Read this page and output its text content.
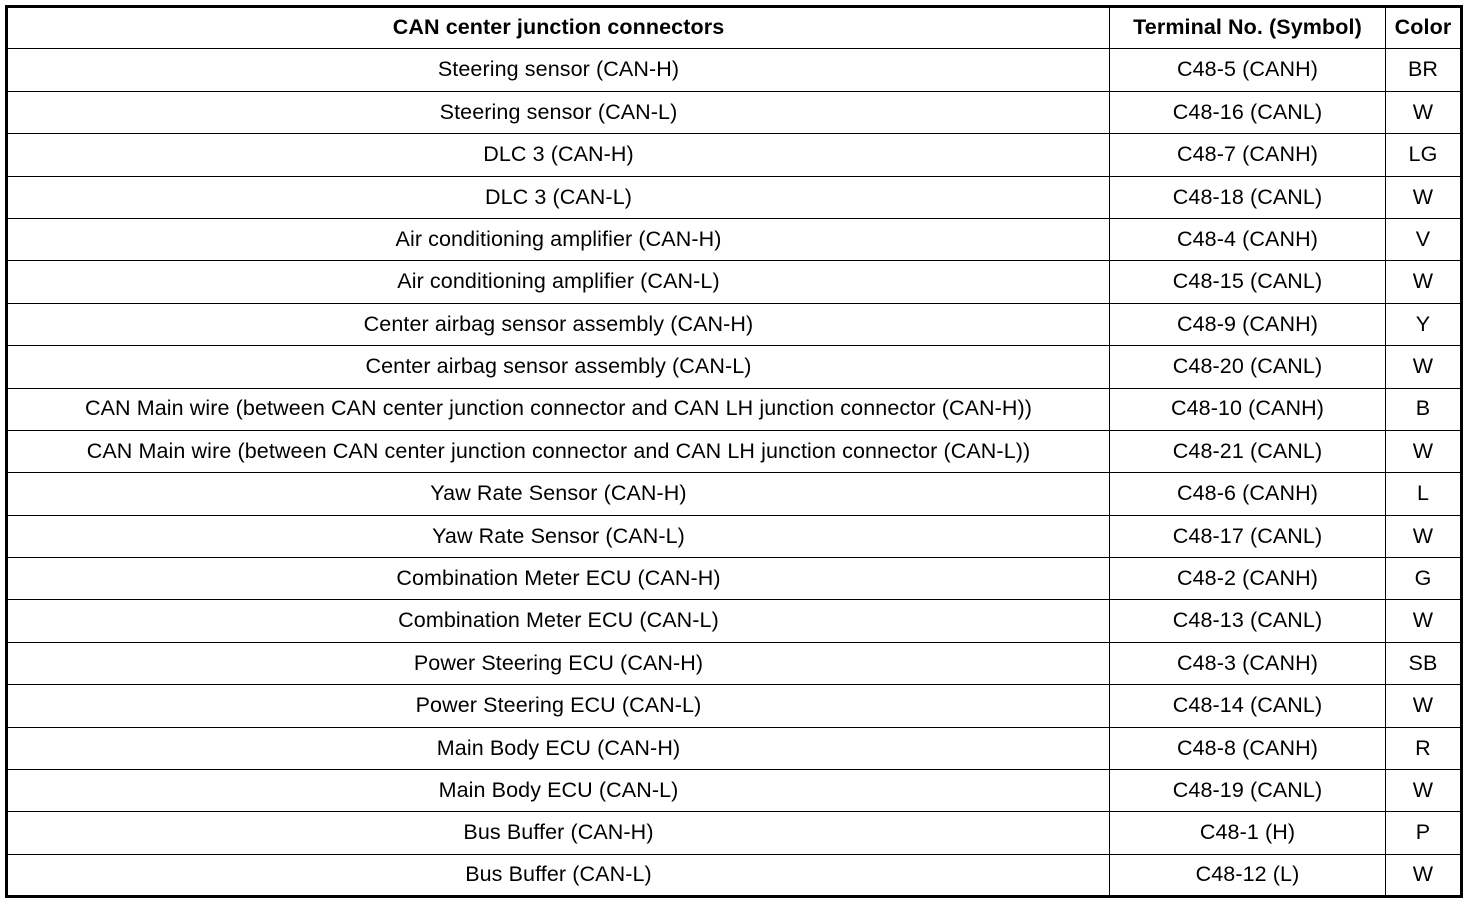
CAN center junction connectors	Terminal No. (Symbol)	Color
Steering sensor (CAN-H)	C48-5 (CANH)	BR
Steering sensor (CAN-L)	C48-16 (CANL)	W
DLC 3 (CAN-H)	C48-7 (CANH)	LG
DLC 3 (CAN-L)	C48-18 (CANL)	W
Air conditioning amplifier (CAN-H)	C48-4 (CANH)	V
Air conditioning amplifier (CAN-L)	C48-15 (CANL)	W
Center airbag sensor assembly (CAN-H)	C48-9 (CANH)	Y
Center airbag sensor assembly (CAN-L)	C48-20 (CANL)	W
CAN Main wire (between CAN center junction connector and CAN LH junction connector (CAN-H))	C48-10 (CANH)	B
CAN Main wire (between CAN center junction connector and CAN LH junction connector (CAN-L))	C48-21 (CANL)	W
Yaw Rate Sensor (CAN-H)	C48-6 (CANH)	L
Yaw Rate Sensor (CAN-L)	C48-17 (CANL)	W
Combination Meter ECU (CAN-H)	C48-2 (CANH)	G
Combination Meter ECU (CAN-L)	C48-13 (CANL)	W
Power Steering ECU (CAN-H)	C48-3 (CANH)	SB
Power Steering ECU (CAN-L)	C48-14 (CANL)	W
Main Body ECU (CAN-H)	C48-8 (CANH)	R
Main Body ECU (CAN-L)	C48-19 (CANL)	W
Bus Buffer (CAN-H)	C48-1 (H)	P
Bus Buffer (CAN-L)	C48-12 (L)	W
